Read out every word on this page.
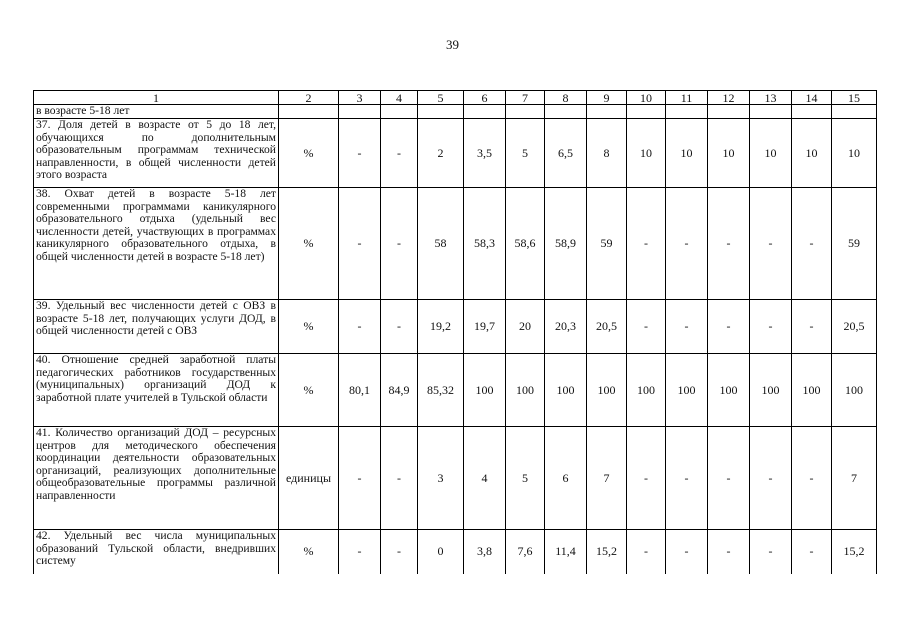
39
1	2	3	4	5	6	7	8	9	10	11	12	13	14	15
в возрасте 5-18 лет														
37. Доля детей в возрасте от 5 до 18 лет, обучающихся по дополнительным образовательным программам технической направленности, в общей численности детей этого возраста	%	-	-	2	3,5	5	6,5	8	10	10	10	10	10	10
38. Охват детей в возрасте 5-18 лет современными программами каникулярного образовательного отдыха (удельный вес численности детей, участвующих в программах каникулярного образовательного отдыха, в общей численности детей в возрасте 5-18 лет)	%	-	-	58	58,3	58,6	58,9	59	-	-	-	-	-	59
39. Удельный вес численности детей с ОВЗ в возрасте 5-18 лет, получающих услуги ДОД, в общей численности детей с ОВЗ	%	-	-	19,2	19,7	20	20,3	20,5	-	-	-	-	-	20,5
40. Отношение средней заработной платы педагогических работников государственных (муниципальных) организаций ДОД к заработной плате учителей в Тульской области	%	80,1	84,9	85,32	100	100	100	100	100	100	100	100	100	100
41. Количество организаций ДОД – ресурсных центров для методического обеспечения координации деятельности образовательных организаций, реализующих дополнительные общеобразовательные программы различной направленности	единицы	-	-	3	4	5	6	7	-	-	-	-	-	7
42. Удельный вес числа муниципальных образований Тульской области, внедривших систему	%	-	-	0	3,8	7,6	11,4	15,2	-	-	-	-	-	15,2
